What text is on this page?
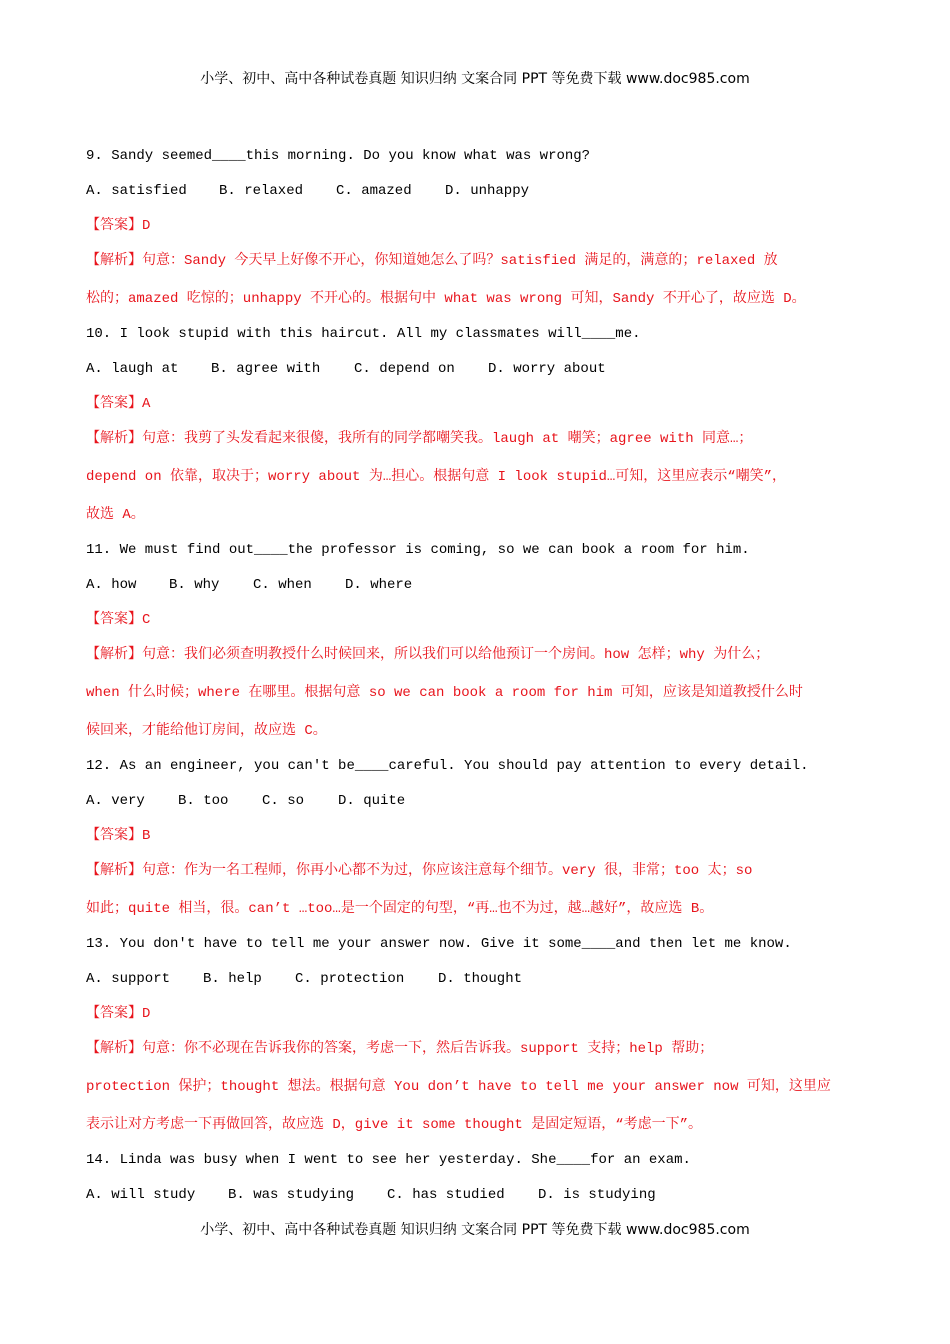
小学、初中、高中各种试卷真题 知识归纳 文案合同 PPT 等免费下载 www.doc985.com
9. Sandy seemed____this morning. Do you know what was wrong?
A. satisfied B. relaxed C. amazed D. unhappy
【答案】D
【解析】句意：Sandy 今天早上好像不开心，你知道她怎么了吗？satisfied 满足的，满意的；relaxed 放
松的；amazed 吃惊的；unhappy 不开心的。根据句中 what was wrong 可知，Sandy 不开心了，故应选 D。
10. I look stupid with this haircut. All my classmates will____me.
A. laugh at B. agree with C. depend on D. worry about
【答案】A
【解析】句意：我剪了头发看起来很傻，我所有的同学都嘲笑我。laugh at 嘲笑；agree with 同意…；
depend on 依靠，取决于；worry about 为…担心。根据句意 I look stupid…可知，这里应表示“嘲笑”，
故选 A。
11. We must find out____the professor is coming, so we can book a room for him.
A. how B. why C. when D. where
【答案】C
【解析】句意：我们必须查明教授什么时候回来，所以我们可以给他预订一个房间。how 怎样；why 为什么；
when 什么时候；where 在哪里。根据句意 so we can book a room for him 可知，应该是知道教授什么时
候回来，才能给他订房间，故应选 C。
12. As an engineer, you can't be____careful. You should pay attention to every detail.
A. very B. too C. so D. quite
【答案】B
【解析】句意：作为一名工程师，你再小心都不为过，你应该注意每个细节。very 很，非常；too 太；so
如此；quite 相当，很。can’t …too…是一个固定的句型，“再…也不为过，越…越好”，故应选 B。
13. You don't have to tell me your answer now. Give it some____and then let me know.
A. support B. help C. protection D. thought
【答案】D
【解析】句意：你不必现在告诉我你的答案，考虑一下，然后告诉我。support 支持；help 帮助；
protection 保护；thought 想法。根据句意 You don’t have to tell me your answer now 可知，这里应
表示让对方考虑一下再做回答，故应选 D，give it some thought 是固定短语，“考虑一下”。
14. Linda was busy when I went to see her yesterday. She____for an exam.
A. will study B. was studying C. has studied D. is studying
小学、初中、高中各种试卷真题 知识归纳 文案合同 PPT 等免费下载 www.doc985.com
